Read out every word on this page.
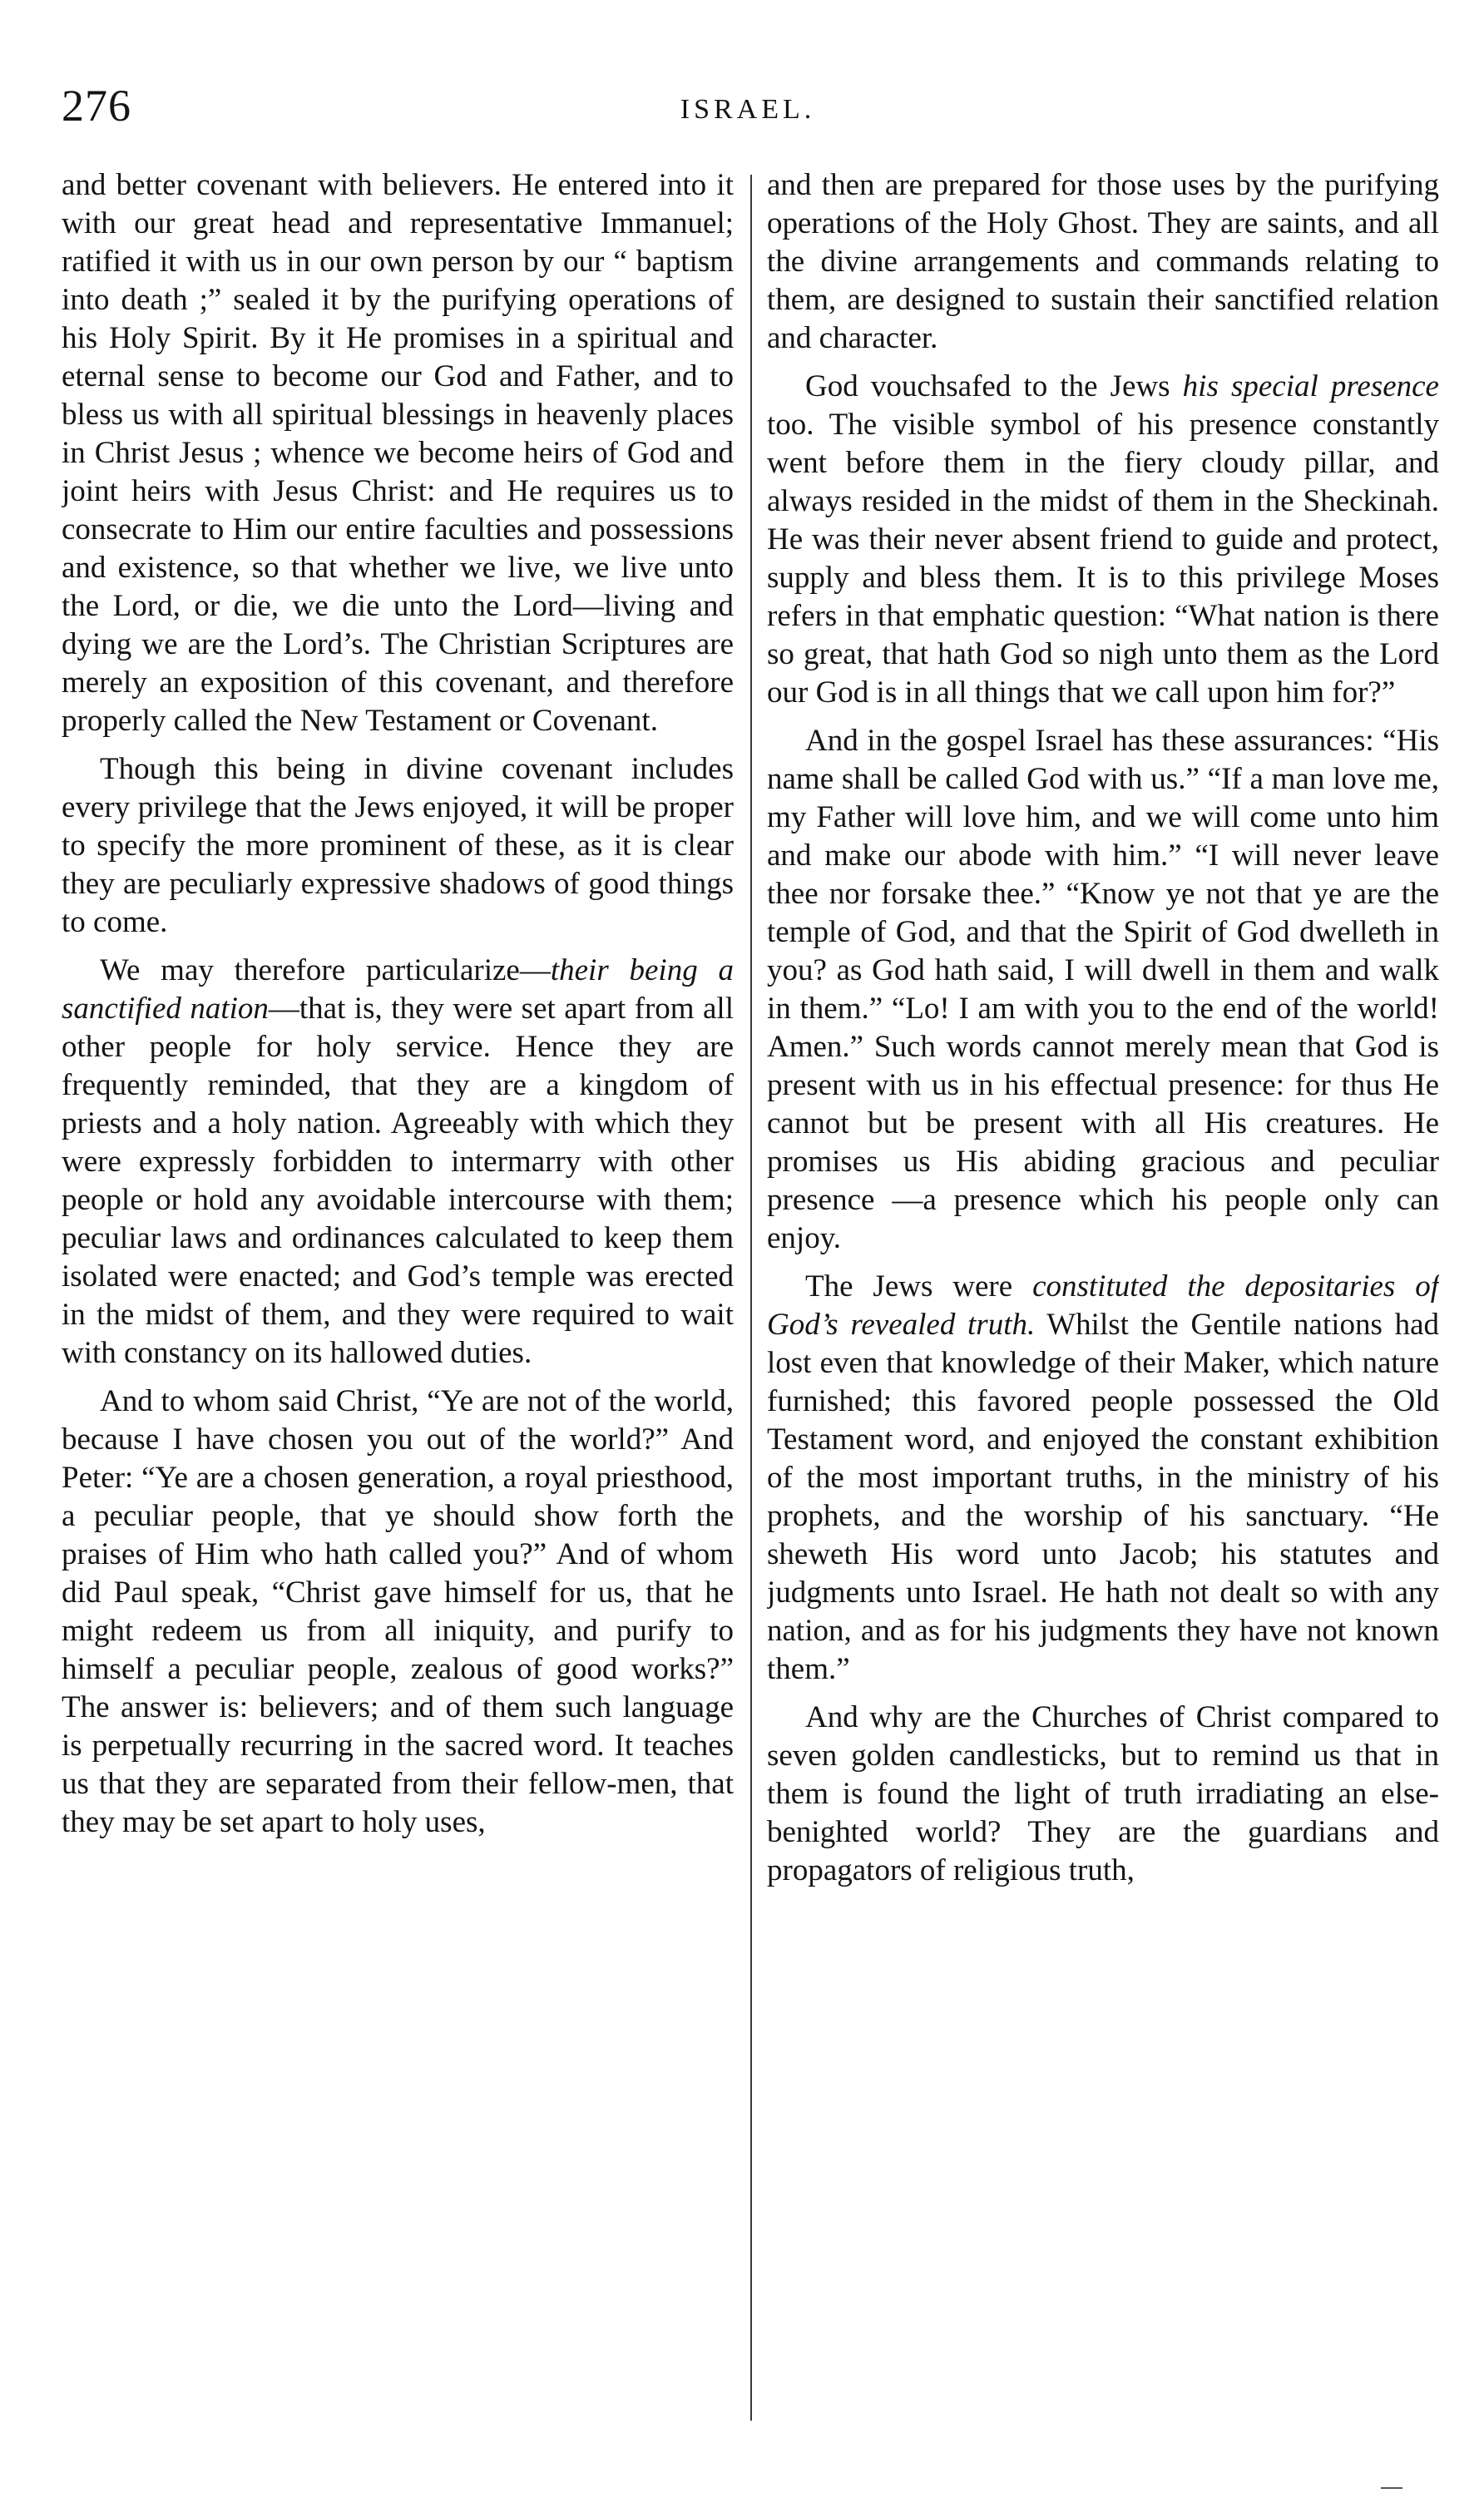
276	ISRAEL.

and better covenant with believers. He entered into it with our great head and representative Immanuel; ratified it with us in our own person by our “ baptism into death ;” sealed it by the purifying operations of his Holy Spirit. By it He promises in a spiritual and eternal sense to become our God and Father, and to bless us with all spiritual blessings in heavenly places in Christ Jesus ; whence we become heirs of God and joint heirs with Jesus Christ: and He requires us to consecrate to Him our entire faculties and possessions and existence, so that whether we live, we live unto the Lord, or die, we die unto the Lord—living and dying we are the Lord’s. The Christian Scriptures are merely an exposition of this covenant, and therefore properly called the New Testament or Covenant.

Though this being in divine covenant includes every privilege that the Jews enjoyed, it will be proper to specify the more prominent of these, as it is clear they are peculiarly expressive shadows of good things to come.

We may therefore particularize—their being a sanctified nation—that is, they were set apart from all other people for holy service. Hence they are frequently reminded, that they are a kingdom of priests and a holy nation. Agreeably with which they were expressly forbidden to intermarry with other people or hold any avoidable intercourse with them; peculiar laws and ordinances calculated to keep them isolated were enacted; and God’s temple was erected in the midst of them, and they were required to wait with constancy on its hallowed duties.

And to whom said Christ, “Ye are not of the world, because I have chosen you out of the world?” And Peter: “Ye are a chosen generation, a royal priesthood, a peculiar people, that ye should show forth the praises of Him who hath called you?” And of whom did Paul speak, “Christ gave himself for us, that he might redeem us from all iniquity, and purify to himself a peculiar people, zealous of good works?” The answer is: believers; and of them such language is perpetually recurring in the sacred word. It teaches us that they are separated from their fellow-men, that they may be set apart to holy uses,

and then are prepared for those uses by the purifying operations of the Holy Ghost. They are saints, and all the divine arrangements and commands relating to them, are designed to sustain their sanctified relation and character.

God vouchsafed to the Jews his special presence too. The visible symbol of his presence constantly went before them in the fiery cloudy pillar, and always resided in the midst of them in the Sheckinah. He was their never absent friend to guide and protect, supply and bless them. It is to this privilege Moses refers in that emphatic question: “What nation is there so great, that hath God so nigh unto them as the Lord our God is in all things that we call upon him for?”

And in the gospel Israel has these assurances: “His name shall be called God with us.” “If a man love me, my Father will love him, and we will come unto him and make our abode with him.” “I will never leave thee nor forsake thee.” “Know ye not that ye are the temple of God, and that the Spirit of God dwelleth in you? as God hath said, I will dwell in them and walk in them.” “Lo! I am with you to the end of the world! Amen.” Such words cannot merely mean that God is present with us in his effectual presence: for thus He cannot but be present with all His creatures. He promises us His abiding gracious and peculiar presence —a presence which his people only can enjoy.

The Jews were constituted the depositaries of God’s revealed truth. Whilst the Gentile nations had lost even that knowledge of their Maker, which nature furnished; this favored people possessed the Old Testament word, and enjoyed the constant exhibition of the most important truths, in the ministry of his prophets, and the worship of his sanctuary. “He sheweth His word unto Jacob; his statutes and judgments unto Israel. He hath not dealt so with any nation, and as for his judgments they have not known them.”

And why are the Churches of Christ compared to seven golden candlesticks, but to remind us that in them is found the light of truth irradiating an else-benighted world? They are the guardians and propagators of religious truth,
